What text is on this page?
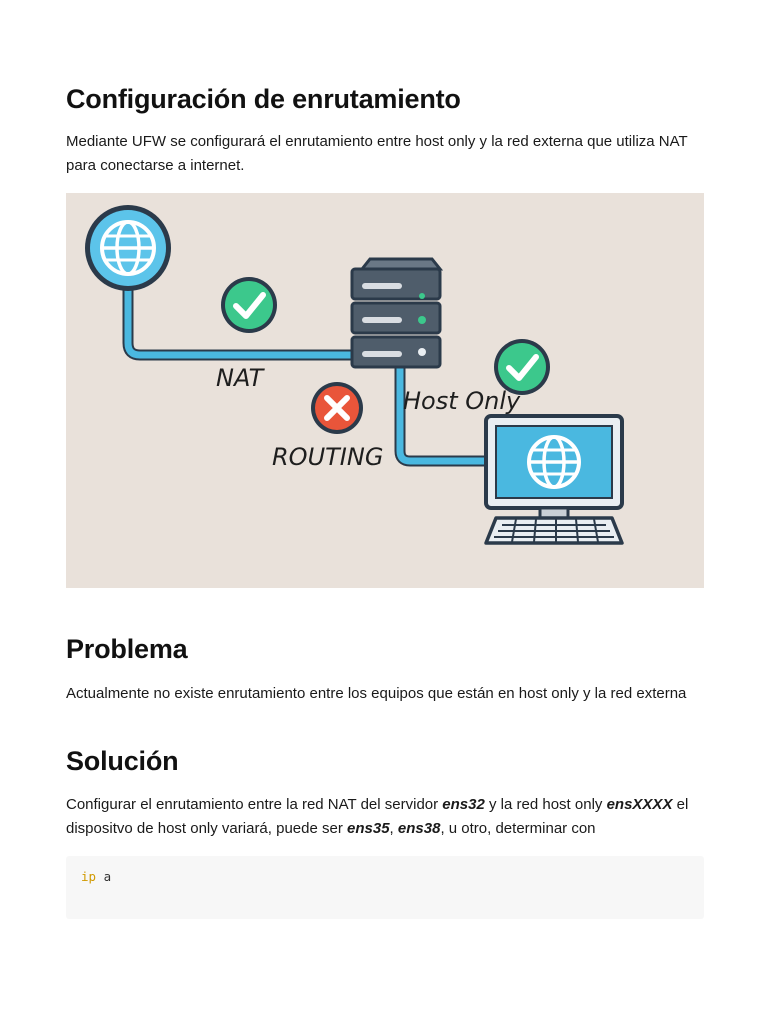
Configuración de enrutamiento

Mediante UFW se configurará el enrutamiento entre host only y la red externa que utiliza NAT para conectarse a internet.

NAT
Host Only
ROUTING
Problema

Actualmente no existe enrutamiento entre los equipos que están en host only y la red externa

Solución

Configurar el enrutamiento entre la red NAT del servidor ens32 y la red host only ensXXXX el dispositvo de host only variará, puede ser ens35, ens38, u otro, determinar con

ip a
